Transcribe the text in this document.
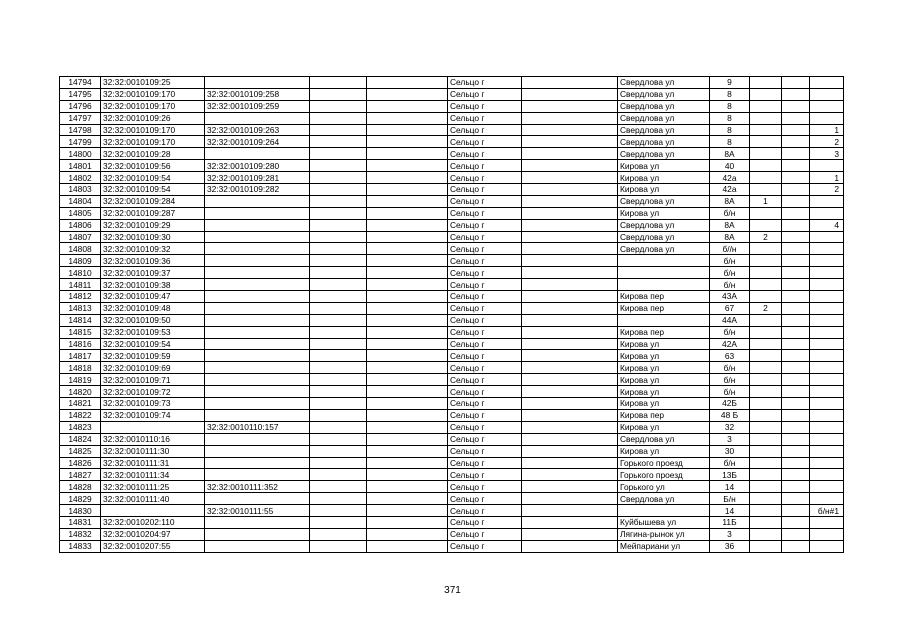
14794	32:32:0010109:25				Сельцо г		Свердлова ул	9			
14795	32:32:0010109:170	32:32:0010109:258			Сельцо г		Свердлова ул	8			
14796	32:32:0010109:170	32:32:0010109:259			Сельцо г		Свердлова ул	8			
14797	32:32:0010109:26				Сельцо г		Свердлова ул	8			
14798	32:32:0010109:170	32:32:0010109:263			Сельцо г		Свердлова ул	8			1
14799	32:32:0010109:170	32:32:0010109:264			Сельцо г		Свердлова ул	8			2
14800	32:32:0010109:28				Сельцо г		Свердлова ул	8А			3
14801	32:32:0010109:56	32:32:0010109:280			Сельцо г		Кирова ул	40			
14802	32:32:0010109:54	32:32:0010109:281			Сельцо г		Кирова ул	42а			1
14803	32:32:0010109:54	32:32:0010109:282			Сельцо г		Кирова ул	42а			2
14804	32:32:0010109:284				Сельцо г		Свердлова ул	8А	1		
14805	32:32:0010109:287				Сельцо г		Кирова ул	б/н			
14806	32:32:0010109:29				Сельцо г		Свердлова ул	8А			4
14807	32:32:0010109:30				Сельцо г		Свердлова ул	8А	2		
14808	32:32:0010109:32				Сельцо г		Свердлова ул	б//н			
14809	32:32:0010109:36				Сельцо г			б/н			
14810	32:32:0010109:37				Сельцо г			б/н			
14811	32:32:0010109:38				Сельцо г			б/н			
14812	32:32:0010109:47				Сельцо г		Кирова пер	43А			
14813	32:32:0010109:48				Сельцо г		Кирова пер	67	2		
14814	32:32:0010109:50				Сельцо г			44А			
14815	32:32:0010109:53				Сельцо г		Кирова пер	б/н			
14816	32:32:0010109:54				Сельцо г		Кирова ул	42А			
14817	32:32:0010109:59				Сельцо г		Кирова ул	63			
14818	32:32:0010109:69				Сельцо г		Кирова ул	б/н			
14819	32:32:0010109:71				Сельцо г		Кирова ул	б/н			
14820	32:32:0010109:72				Сельцо г		Кирова ул	б/н			
14821	32:32:0010109:73				Сельцо г		Кирова ул	42Б			
14822	32:32:0010109:74				Сельцо г		Кирова пер	48 Б			
14823		32:32:0010110:157			Сельцо г		Кирова ул	32			
14824	32:32:0010110:16				Сельцо г		Свердлова ул	3			
14825	32:32:0010111:30				Сельцо г		Кирова ул	30			
14826	32:32:0010111:31				Сельцо г		Горького проезд	б/н			
14827	32:32:0010111:34				Сельцо г		Горького проезд	13Б			
14828	32:32:0010111:25	32:32:0010111:352			Сельцо г		Горького ул	14			
14829	32:32:0010111:40				Сельцо г		Свердлова ул	Б/н			
14830		32:32:0010111:55			Сельцо г			14			б/н#1
14831	32:32:0010202:110				Сельцо г		Куйбышева ул	11Б			
14832	32:32:0010204:97				Сельцо г		Лягина-рынок ул	3			
14833	32:32:0010207:55				Сельцо г		Мейпариани ул	36			
371
